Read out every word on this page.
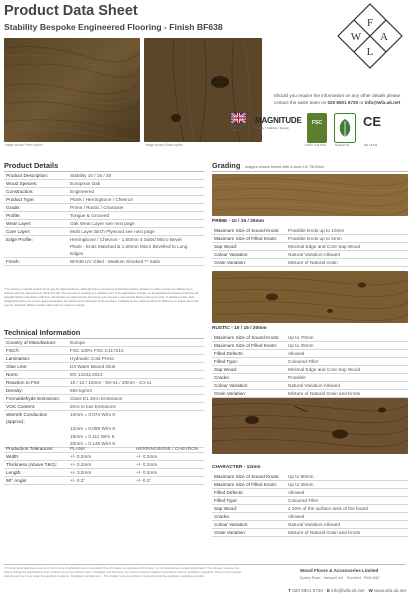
Product Data Sheet
Stability Bespoke Engineered Flooring - Finish BF638	F
A
W
L
Image shows Prime option	Image shows Rustic option
Should you require the information on any other details please
contact the sales team on 020 8501 6730 or info@wfa.uk.net
MADE IN
BRITAIN
MAGNITUDE
Quality | Stability | Design
FSC	CE
FSC® C117210	Natural Oil	EN 14342
Product Details
Product Description:	Stability 10 / 15 / 20
Wood Species:	European Oak
Construction:	Engineered
Product Type:	Plank / Herringbone / Chevron
Grade:	Prime / Rustic / Character
Profile:	Tongue & Grooved
Wear Layer:	Oak Wear Layer see next page
Core Layer:	Multi Layer Birch Plywood see next page
Edge Profile:	Herringbone / Chevron - 1.50mm 4 Sided Micro Bevel
	Plank - Ends Matched & 1.50mm Micro Bevelled to Long Edges
Finish:	BF638 UV Oiled - Medium Smoked ** Satin
** As wood is a natural product there may be slight variations. Although this is a smoked product there will be variation in colour as they are affected by a reaction with the natural tannin within the oak. The process of smoking is a variation prior to the application of finish, so all appearances between batches will naturally lighten and darken with time. All samples are approximate and ensure you request a new sample before placing an order. In addition to this, dark shading/blemishes for a more aged appearance are added at the discretion of the producer. Installations are made knowing the difference in colour tones that may be expected. Please contact sales team to request a sample.
Technical Information
Country of Manufacture:	Europe
FSC®:	FSC 100% FSC-C117210
Lamination:	Hydraulic Cold Press
Glue Line:	D3 Water Based Glue
Norm:	EN 14342:2013
Reaction to Fire:	10 / 12 / 15mm - Dn-s1 / 20mm - Cn-s1
Density:	650 kg/m3
Formaldehyde Emissions:	Class E1 Zero Emissions
VOC Content:	Zero to low Emissions
Warmth Conduction (approx):	10mm = 0.074 W/m K
	12mm = 0.088 W/m K
	15mm = 0.111 W/m K
	20mm = 0.148 W/m K
Production Tolerances:	PLANK	HERRINGBONE / CHEVRON
Width:	+/- 0.2mm	+/- 0.2mm
Thickness (Above T&G):	+/- 0.2mm	+/- 0.2mm
Length:	+/- 3.0mm	+/- 0.2mm
90° Angle:	+/- 0.3°	+/- 0.3°
Grading - Images shown below with a clear UV Oil finish
PRIME - 10 / 15 / 20mm
Maximum Size of Sound Knots:	Possible knots up to 10mm
Maximum Size of Filled Knots:	Possible knots up to 5mm
Sap Wood:	Minimal Edge and Core Sap Wood
Colour Variation:	Natural Variation Allowed
Grain Variation:	Mixture of Natural Grain
RUSTIC - 10 / 15 / 20mm
Maximum Size of Sound Knots:	Up to 70mm
Maximum Size of Filled Knots:	Up to 35mm
Filled Defects:	Allowed
Filled Type:	Coloured Filler
Sap Wood:	Minimal Edge and Core Sap Wood
Cracks:	Possible
Colour Variation:	Natural Variation Allowed
Grain Variation:	Mixture of Natural Grain and Knots
CHARACTER - 12mm
Maximum Size of Sound Knots:	Up to 80mm
Maximum Size of Filled Knots:	Up to 35mm
Filled Defects:	Allowed
Filled Type:	Coloured Filler
Sap Wood:	≤ 20% of the surface area of the board
Cracks:	Allowed
Colour Variation:	Natural Variation Allowed
Grain Variation:	Mixture of Natural Grain and Knots
© This technical data sheet was correct at the time of publication and is intended for the information and guidance of the trade. It is not intended as a product specification. The company reserves the right to change the specifications of its products at any time without notice. Installation and Warranty: The product must be installed in accordance with our installation guidelines. There is an immediate warranty and use it only under the specified conditions. ‘Installation and Warranty’ – The installer is recommended to read and accept the installation guidelines provided.
Wood Floors & Accessories Limited
Epsley Road · Hainault Ind. · Romford · RM3 8QE
T 020 8501 6730 · E info@wfa.uk.net · W www.wfa.uk.net
